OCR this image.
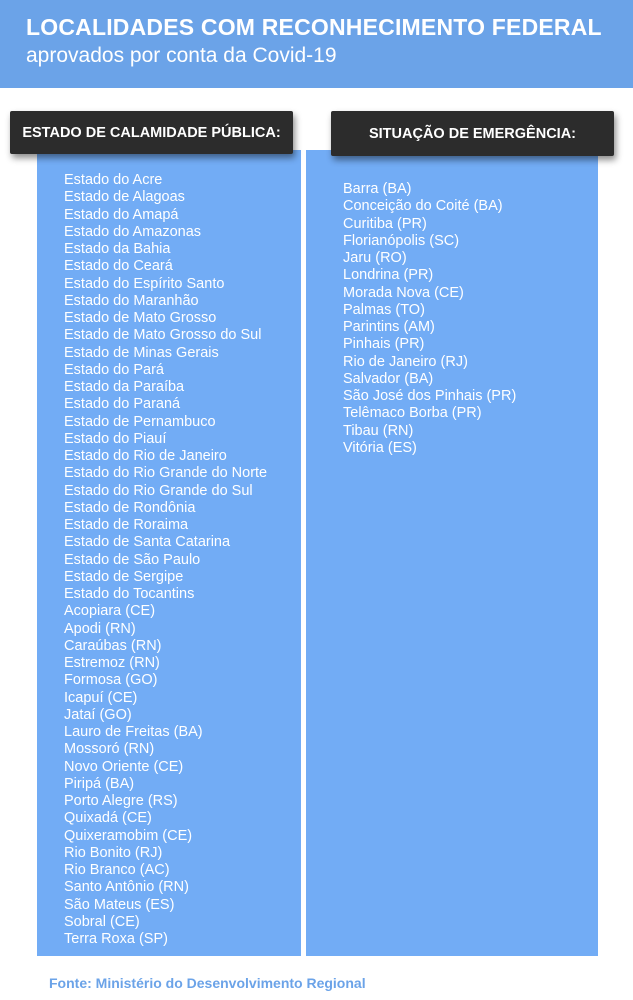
LOCALIDADES COM RECONHECIMENTO FEDERAL
aprovados por conta da Covid-19
ESTADO DE CALAMIDADE PÚBLICA:	SITUAÇÃO DE EMERGÊNCIA:
Estado do Acre
Estado de Alagoas
Estado do Amapá
Estado do Amazonas
Estado da Bahia
Estado do Ceará
Estado do Espírito Santo
Estado do Maranhão
Estado de Mato Grosso
Estado de Mato Grosso do Sul
Estado de Minas Gerais
Estado do Pará
Estado da Paraíba
Estado do Paraná
Estado de Pernambuco
Estado do Piauí
Estado do Rio de Janeiro
Estado do Rio Grande do Norte
Estado do Rio Grande do Sul
Estado de Rondônia
Estado de Roraima
Estado de Santa Catarina
Estado de São Paulo
Estado de Sergipe
Estado do Tocantins
Acopiara (CE)
Apodi (RN)
Caraúbas (RN)
Estremoz (RN)
Formosa (GO)
Icapuí (CE)
Jataí (GO)
Lauro de Freitas (BA)
Mossoró (RN)
Novo Oriente (CE)
Piripá (BA)
Porto Alegre (RS)
Quixadá (CE)
Quixeramobim (CE)
Rio Bonito (RJ)
Rio Branco (AC)
Santo Antônio (RN)
São Mateus (ES)
Sobral (CE)
Terra Roxa (SP)
Barra (BA)
Conceição do Coité (BA)
Curitiba (PR)
Florianópolis (SC)
Jaru (RO)
Londrina (PR)
Morada Nova (CE)
Palmas (TO)
Parintins (AM)
Pinhais (PR)
Rio de Janeiro (RJ)
Salvador (BA)
São José dos Pinhais (PR)
Telêmaco Borba (PR)
Tibau (RN)
Vitória (ES)
Fonte: Ministério do Desenvolvimento Regional
